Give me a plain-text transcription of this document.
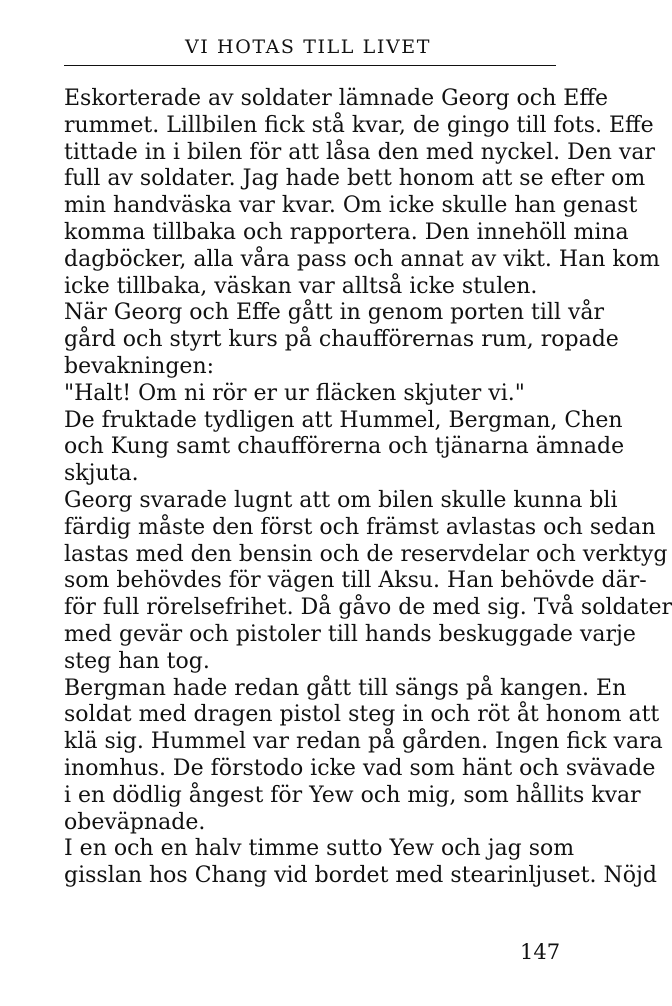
VI HOTAS TILL LIVET
Eskorterade av soldater lämnade Georg och Effe
rummet. Lillbilen fick stå kvar, de gingo till fots. Effe
tittade in i bilen för att låsa den med nyckel. Den var
full av soldater. Jag hade bett honom att se efter om
min handväska var kvar. Om icke skulle han genast
komma tillbaka och rapportera. Den innehöll mina
dagböcker, alla våra pass och annat av vikt. Han kom
icke tillbaka, väskan var alltså icke stulen.
När Georg och Effe gått in genom porten till vår
gård och styrt kurs på chaufförernas rum, ropade
bevakningen:
"Halt! Om ni rör er ur fläcken skjuter vi."
De fruktade tydligen att Hummel, Bergman, Chen
och Kung samt chaufförerna och tjänarna ämnade
skjuta.
Georg svarade lugnt att om bilen skulle kunna bli
färdig måste den först och främst avlastas och sedan
lastas med den bensin och de reservdelar och verktyg
som behövdes för vägen till Aksu. Han behövde där-
för full rörelsefrihet. Då gåvo de med sig. Två soldater
med gevär och pistoler till hands beskuggade varje
steg han tog.
Bergman hade redan gått till sängs på kangen. En
soldat med dragen pistol steg in och röt åt honom att
klä sig. Hummel var redan på gården. Ingen fick vara
inomhus. De förstodo icke vad som hänt och svävade
i en dödlig ångest för Yew och mig, som hållits kvar
obeväpnade.
I en och en halv timme sutto Yew och jag som
gisslan hos Chang vid bordet med stearinljuset. Nöjd
147
